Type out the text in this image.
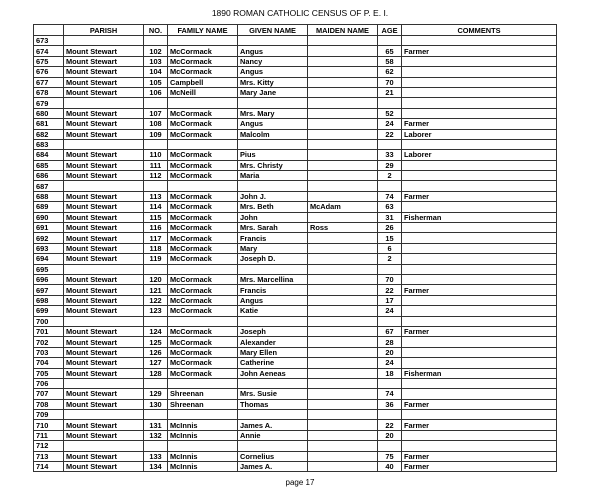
1890 ROMAN CATHOLIC CENSUS OF P. E. I.
	PARISH	NO.	FAMILY NAME	GIVEN NAME	MAIDEN NAME	AGE	COMMENTS
673							
674	Mount Stewart	102	McCormack	Angus		65	Farmer
675	Mount Stewart	103	McCormack	Nancy		58	
676	Mount Stewart	104	McCormack	Angus		62	
677	Mount Stewart	105	Campbell	Mrs. Kitty		70	
678	Mount Stewart	106	McNeill	Mary Jane		21	
679							
680	Mount Stewart	107	McCormack	Mrs. Mary		52	
681	Mount Stewart	108	McCormack	Angus		24	Farmer
682	Mount Stewart	109	McCormack	Malcolm		22	Laborer
683							
684	Mount Stewart	110	McCormack	Pius		33	Laborer
685	Mount Stewart	111	McCormack	Mrs. Christy		29	
686	Mount Stewart	112	McCormack	Maria		2	
687							
688	Mount Stewart	113	McCormack	John J.		74	Farmer
689	Mount Stewart	114	McCormack	Mrs. Beth	McAdam	63	
690	Mount Stewart	115	McCormack	John		31	Fisherman
691	Mount Stewart	116	McCormack	Mrs. Sarah	Ross	26	
692	Mount Stewart	117	McCormack	Francis		15	
693	Mount Stewart	118	McCormack	Mary		6	
694	Mount Stewart	119	McCormack	Joseph D.		2	
695							
696	Mount Stewart	120	McCormack	Mrs. Marcellina		70	
697	Mount Stewart	121	McCormack	Francis		22	Farmer
698	Mount Stewart	122	McCormack	Angus		17	
699	Mount Stewart	123	McCormack	Katie		24	
700							
701	Mount Stewart	124	McCormack	Joseph		67	Farmer
702	Mount Stewart	125	McCormack	Alexander		28	
703	Mount Stewart	126	McCormack	Mary Ellen		20	
704	Mount Stewart	127	McCormack	Catherine		24	
705	Mount Stewart	128	McCormack	John Aeneas		18	Fisherman
706							
707	Mount Stewart	129	Shreenan	Mrs. Susie		74	
708	Mount Stewart	130	Shreenan	Thomas		36	Farmer
709							
710	Mount Stewart	131	McInnis	James A.		22	Farmer
711	Mount Stewart	132	McInnis	Annie		20	
712							
713	Mount Stewart	133	McInnis	Cornelius		75	Farmer
714	Mount Stewart	134	McInnis	James A.		40	Farmer
page 17
